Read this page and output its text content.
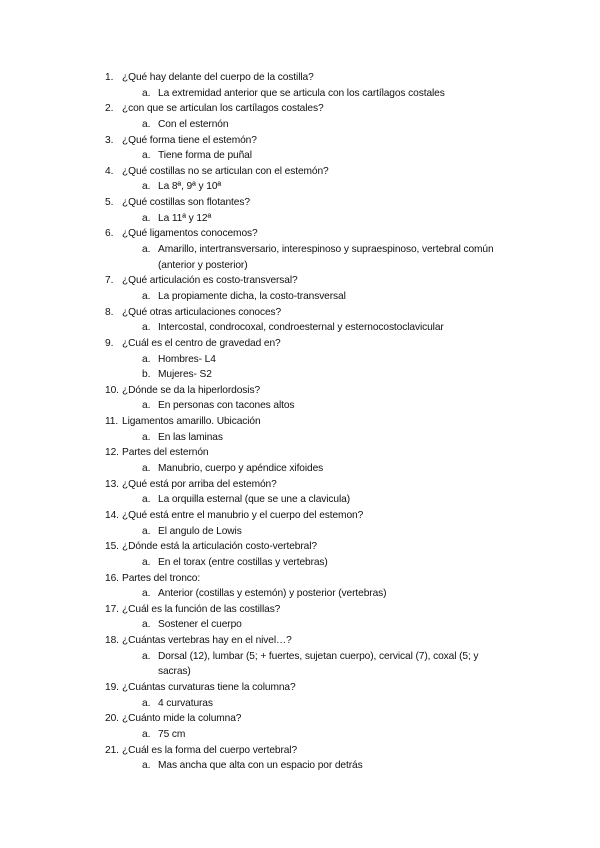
1. ¿Qué hay delante del cuerpo de la costilla?
a. La extremidad anterior que se articula con los cartílagos costales
2. ¿con que se articulan los cartílagos costales?
a. Con el esternón
3. ¿Qué forma tiene el estemón?
a. Tiene forma de puñal
4. ¿Qué costillas no se articulan con el estemón?
a. La 8ª, 9ª y 10ª
5. ¿Qué costillas son flotantes?
a. La 11ª y 12ª
6. ¿Qué ligamentos conocemos?
a. Amarillo, intertransversario, interespinoso y supraespinoso, vertebral común
(anterior y posterior)
7. ¿Qué articulación es costo-transversal?
a. La propiamente dicha, la costo-transversal
8. ¿Qué otras articulaciones conoces?
a. Intercostal, condrocoxal, condroesternal y esternocostoclavicular
9. ¿Cuál es el centro de gravedad en?
a. Hombres- L4
b. Mujeres- S2
10. ¿Dónde se da la hiperlordosis?
a. En personas con tacones altos
11. Ligamentos amarillo. Ubicación
a. En las laminas
12. Partes del esternón
a. Manubrio, cuerpo y apéndice xifoides
13. ¿Qué está por arriba del estemón?
a. La orquilla esternal (que se une a clavicula)
14. ¿Qué está entre el manubrio y el cuerpo del estemon?
a. El angulo de Lowis
15. ¿Dónde está la articulación costo-vertebral?
a. En el torax (entre costillas y vertebras)
16. Partes del tronco:
a. Anterior (costillas y estemón) y posterior (vertebras)
17. ¿Cuál es la función de las costillas?
a. Sostener el cuerpo
18. ¿Cuántas vertebras hay en el nivel…?
a. Dorsal (12), lumbar (5; + fuertes, sujetan cuerpo), cervical (7), coxal (5; y
sacras)
19. ¿Cuántas curvaturas tiene la columna?
a. 4 curvaturas
20. ¿Cuánto mide la columna?
a. 75 cm
21. ¿Cuál es la forma del cuerpo vertebral?
a. Mas ancha que alta con un espacio por detrás
